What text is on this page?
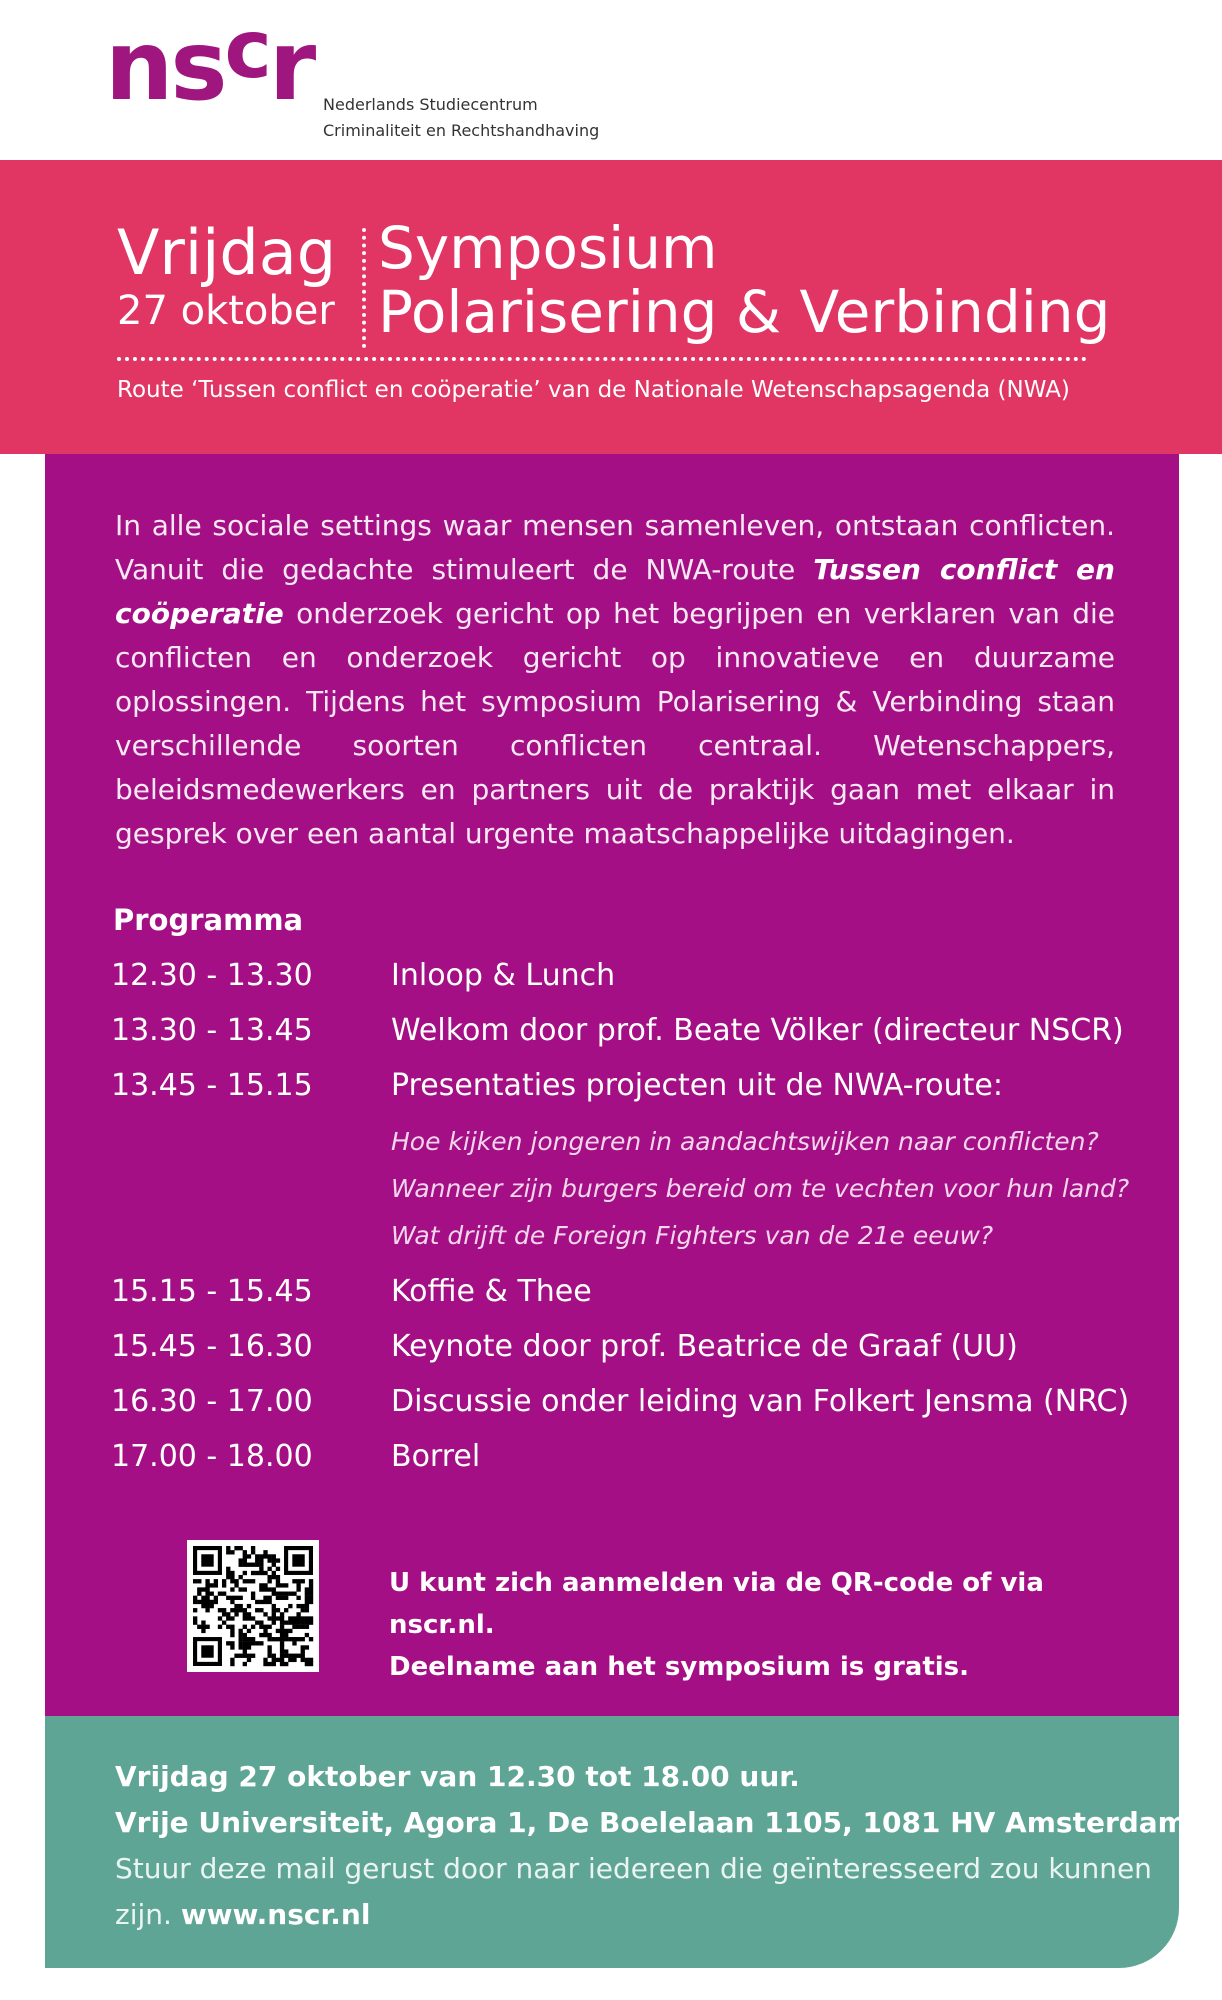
$ns^cr$ Nederlands Studiecentrum
Criminaliteit en Rechtshandhaving
Vrijdag
27 oktober
Symposium
Polarisering & Verbinding
Route ‘Tussen conflict en coöperatie’ van de Nationale Wetenschapsagenda (NWA)

In alle sociale settings waar mensen samenleven, ontstaan conflicten. Vanuit die gedachte stimuleert de NWA-route Tussen conflict en coöperatie onderzoek gericht op het begrijpen en verklaren van die conflicten en onderzoek gericht op innovatieve en duurzame oplossingen. Tijdens het symposium Polarisering & Verbinding staan verschillende soorten conflicten centraal. Wetenschappers, beleidsmedewerkers en partners uit de praktijk gaan met elkaar in gesprek over een aantal urgente maatschappelijke uitdagingen.

Programma
12.30 - 13.30	Inloop & Lunch
13.30 - 13.45	Welkom door prof. Beate Völker (directeur NSCR)
13.45 - 15.15	Presentaties projecten uit de NWA-route:
Hoe kijken jongeren in aandachtswijken naar conflicten?
Wanneer zijn burgers bereid om te vechten voor hun land?
Wat drijft de Foreign Fighters van de 21e eeuw?
15.15 - 15.45	Koffie & Thee
15.45 - 16.30	Keynote door prof. Beatrice de Graaf (UU)
16.30 - 17.00	Discussie onder leiding van Folkert Jensma (NRC)
17.00 - 18.00	Borrel
U kunt zich aanmelden via de QR-code of via nscr.nl.
Deelname aan het symposium is gratis.
Vrijdag 27 oktober van 12.30 tot 18.00 uur.
Vrije Universiteit, Agora 1, De Boelelaan 1105, 1081 HV Amsterdam.
Stuur deze mail gerust door naar iedereen die geïnteresseerd zou kunnen zijn. www.nscr.nl
